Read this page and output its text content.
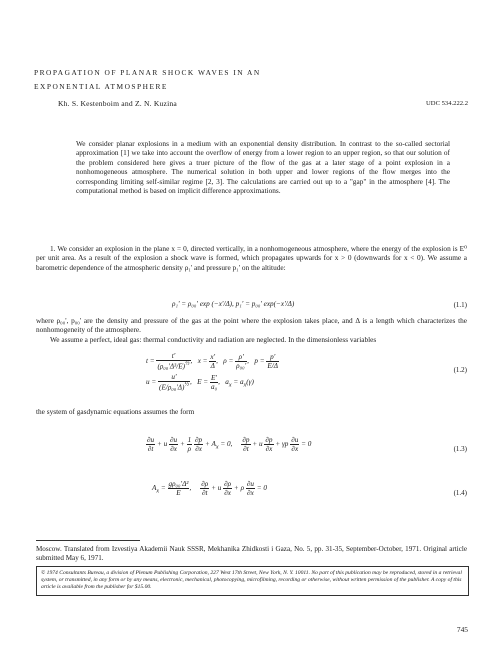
PROPAGATION OF PLANAR SHOCK WAVES IN AN
EXPONENTIAL ATMOSPHERE
Kh. S. Kestenboim and Z. N. Kuzina	UDC 534.222.2
We consider planar explosions in a medium with an exponential density distribution. In contrast to the so-called sectorial approximation [1] we take into account the overflow of energy from a lower region to an upper region, so that our solution of the problem considered here gives a truer picture of the flow of the gas at a later stage of a point explosion in a nonhomogeneous atmosphere. The numerical solution in both upper and lower regions of the flow merges into the corresponding limiting self-similar regime [2, 3]. The calculations are carried out up to a "gap" in the atmosphere [4]. The computational method is based on implicit difference approximations.
1. We consider an explosion in the plane x = 0, directed vertically, in a nonhomogeneous atmosphere, where the energy of the explosion is E⁰ per unit area. As a result of the explosion a shock wave is formed, which propagates upwards for x > 0 (downwards for x < 0). We assume a barometric dependence of the atmospheric density ρ₁' and pressure p₁' on the altitude:
ρ₁' = ρ₀₀' exp (−x'/Δ), p₁' = p₀₀' exp(−x'/Δ)	(1.1)
where ρ₀₀', p₀₀' are the density and pressure of the gas at the point where the explosion takes place, and Δ is a length which characterizes the nonhomogeneity of the atmosphere.
We assume a perfect, ideal gas: thermal conductivity and radiation are neglected. In the dimensionless variables
$t = \frac{t'}{(\rho_{00}'\Delta^3/E)^{\frac{1}{2}}}$ ,   $x = \frac{x'}{\Delta}$ ,   $\rho = \frac{\rho'}{\text{ρ₀₀'}}$ ,   $p = \frac{p'}{E/\Delta}$
$u = \frac{u'}{(E/\rho_{00}'\Delta)^{\frac{1}{2}}}$ ,   $E = \frac{E'}{\text{a₀}}$ ,   $a_x = a_x(\gamma)$
(1.2)
the system of gasdynamic equations assumes the form
$\frac{\partial u}{\partial t} + u \frac{\partial u}{\partial x} + \frac{1}{\rho}$
$\frac{\partial p}{\partial x} + A_x = 0$, $\frac{\partial p}{\partial t} + u \frac{\partial p}{\partial x} + \gamma p \frac{\partial u}{\partial x} = 0$
(1.3)
$A_x = \frac{\text{gρ₀₀'Δ²}}{E}$ , $\frac{\partial\rho}{\partial t} + u \frac{\partial\rho}{\partial x} + \rho \frac{\partial u}{\partial x} = 0$
(1.4)
Moscow. Translated from Izvestiya Akademii Nauk SSSR, Mekhanika Zhidkosti i Gaza, No. 5, pp. 31-35, September-October, 1971. Original article submitted May 6, 1971.
© 1974 Consultants Bureau, a division of Plenum Publishing Corporation, 227 West 17th Street, New York, N. Y. 10011. No part of this publication may be reproduced, stored in a retrieval system, or transmitted, in any form or by any means, electronic, mechanical, photocopying, microfilming, recording or otherwise, without written permission of the publisher. A copy of this article is available from the publisher for $15.00.
745
